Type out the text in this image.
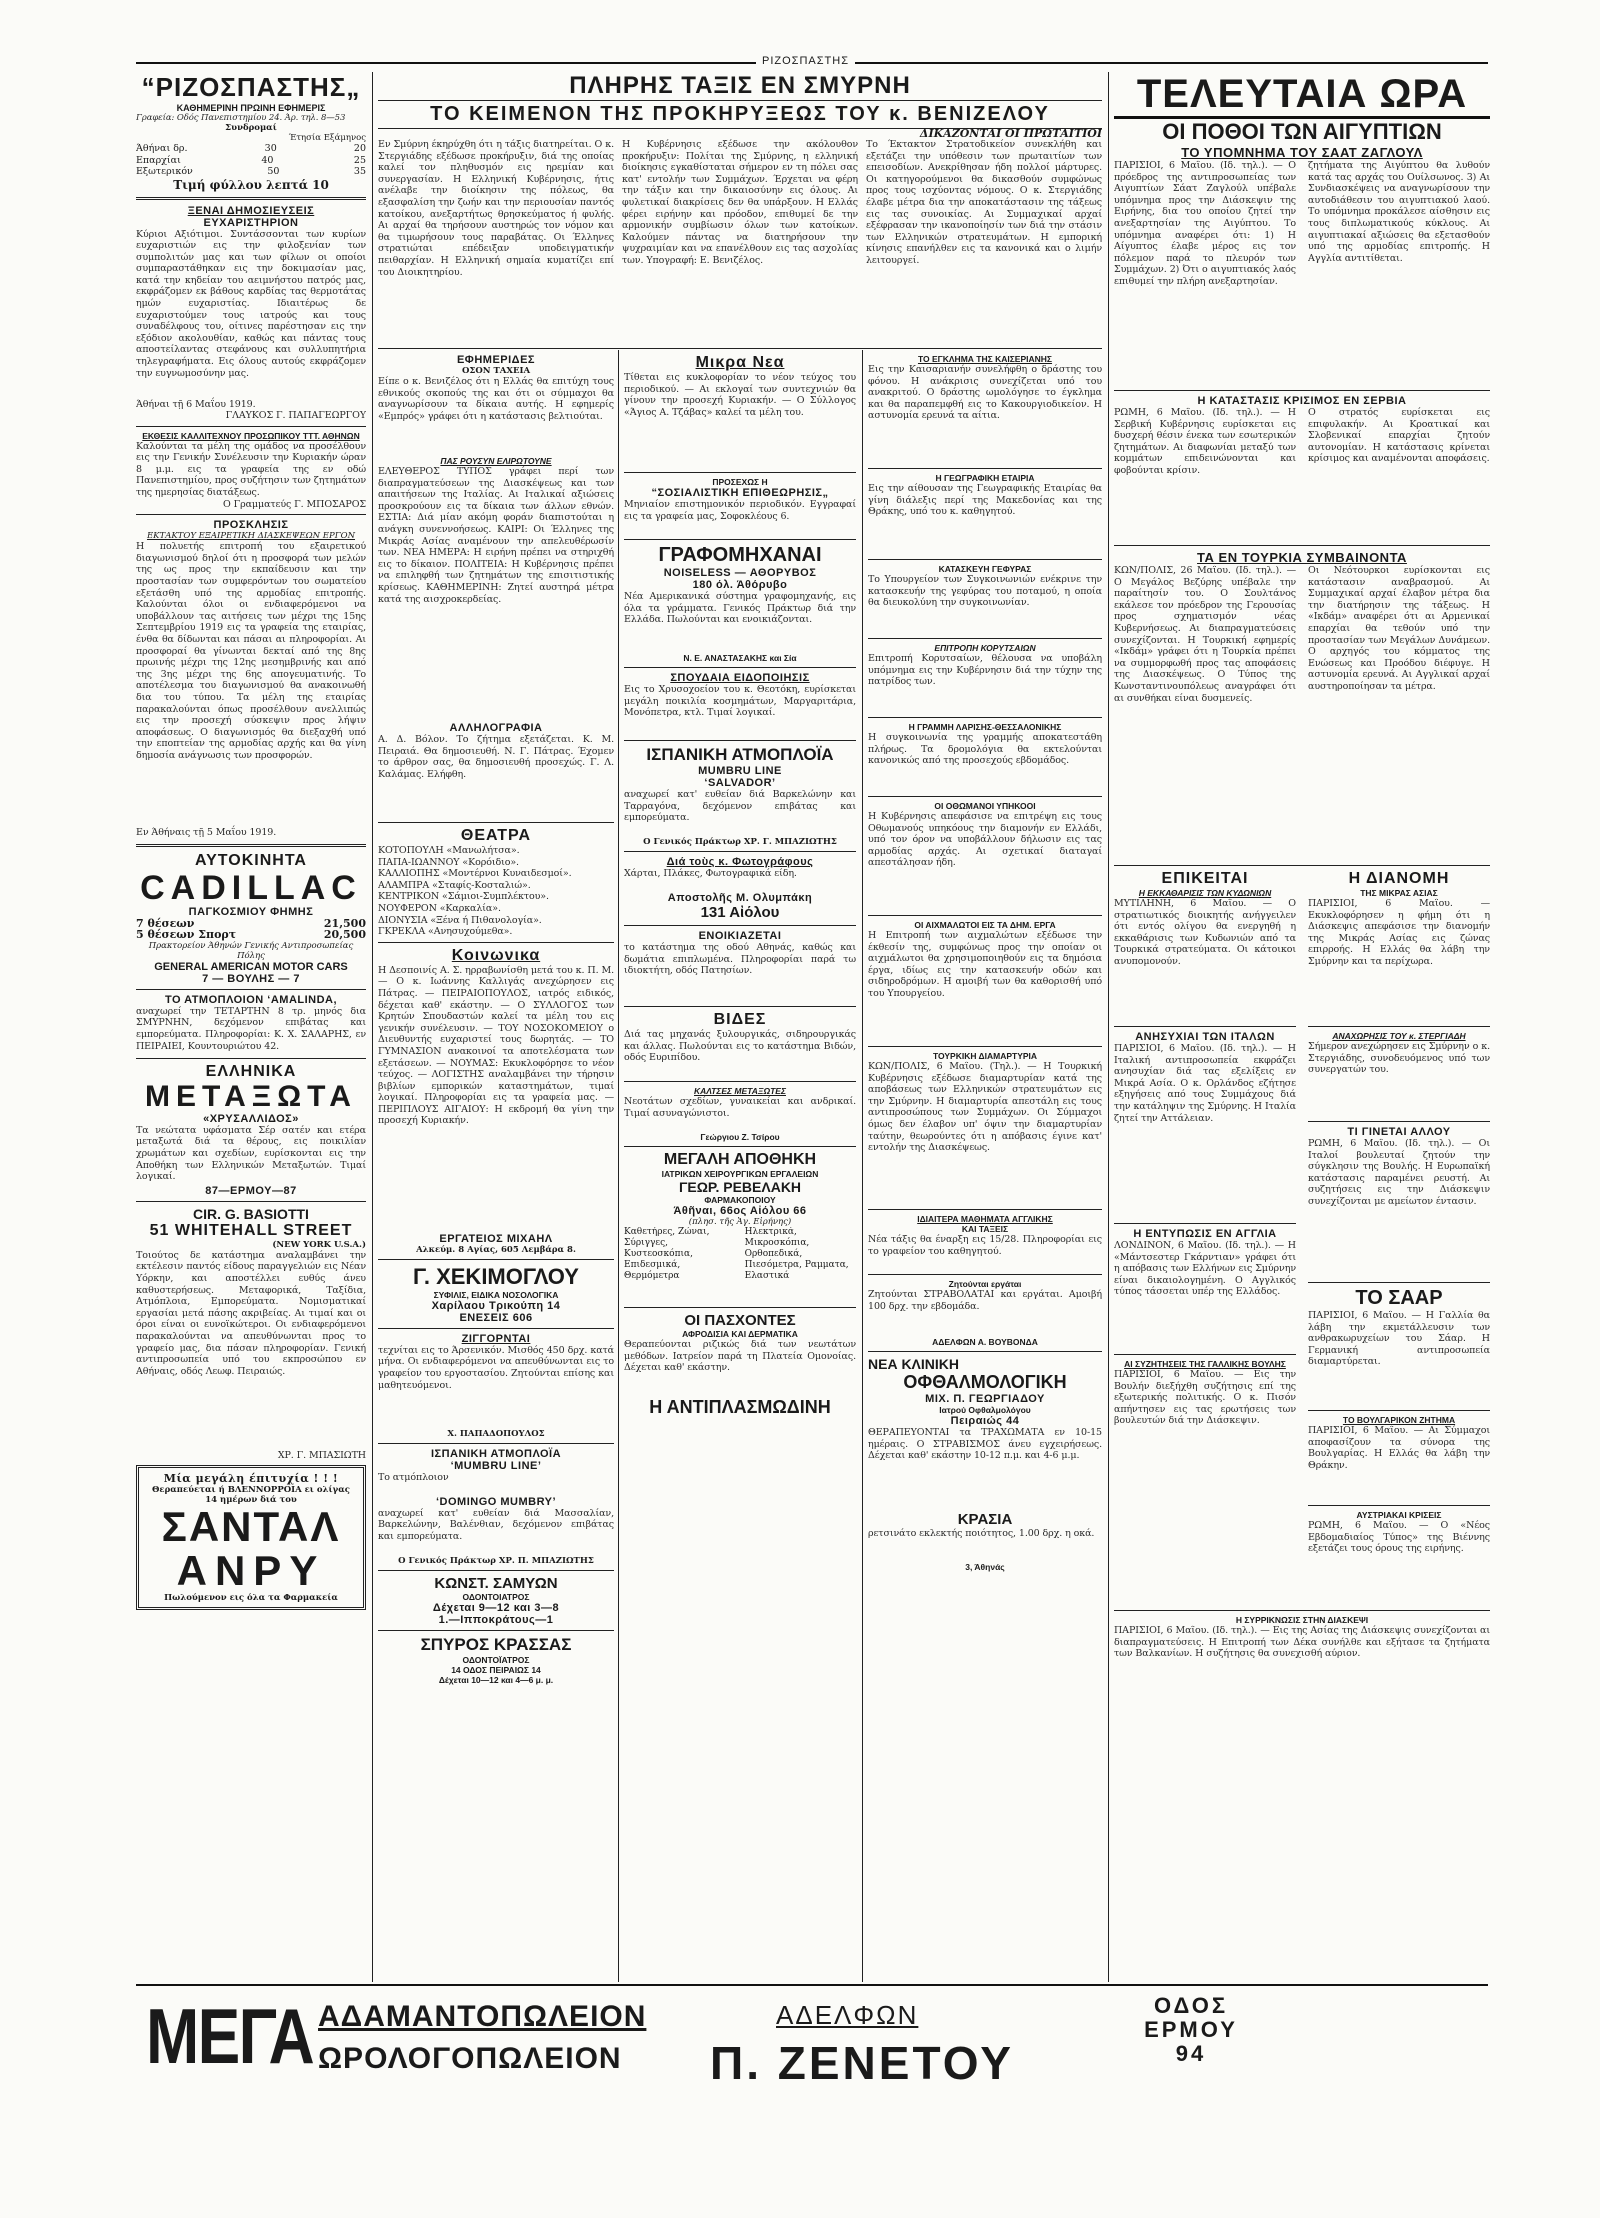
ΡΙΖΟΣΠΑΣΤΗΣ
“ΡΙΖΟΣΠΑΣΤΗΣ„
ΚΑΘΗΜΕΡΙΝΗ ΠΡΩΙΝΗ ΕΦΗΜΕΡΙΣ
Γραφεία: Οδός Πανεπιστημίου 24. Άρ. τηλ. 8—53
Συνδρομαί
Έτησία Εξάμηνος
Άθήναι δρ.	30	20
Επαρχίαι	40	25
Εξωτερικόν	50	35
Τιμή φύλλου λεπτά 10
ΞΕΝΑΙ ΔΗΜΟΣΙΕΥΣΕΙΣ
ΕΥΧΑΡΙΣΤΗΡΙΟΝ
Κύριοι Αξιότιμοι. Συντάσσονται των κυρίων ευχαριστιών εις την φιλοξενίαν των συμπολιτών μας και των φίλων οι οποίοι συμπαραστάθηκαν εις την δοκιμασίαν μας, κατά την κηδείαν του αειμνήστου πατρός μας, εκφράζομεν εκ βάθους καρδίας τας θερμοτάτας ημών ευχαριστίας. Ιδιαιτέρως δε ευχαριστούμεν τους ιατρούς και τους συναδέλφους του, οίτινες παρέστησαν εις την εξόδιον ακολουθίαν, καθώς και πάντας τους αποστείλαντας στεφάνους και συλλυπητήρια τηλεγραφήματα. Εις όλους αυτούς εκφράζομεν την ευγνωμοσύνην μας.
Άθήναι τῇ 6 Μαΐου 1919.
ΓΛΑΥΚΟΣ Γ. ΠΑΠΑΓΕΩΡΓΟΥ
ΕΚΘΕΣΙΣ ΚΑΛΛΙΤΕΧΝΟΥ ΠΡΟΣΩΠΙΚΟΥ ΤΤΤ. ΑΘΗΝΩΝ
Καλούνται τα μέλη της ομάδος να προσέλθουν εις την Γενικήν Συνέλευσιν την Κυριακήν ώραν 8 μ.μ. εις τα γραφεία της εν οδώ Πανεπιστημίου, προς συζήτησιν των ζητημάτων της ημερησίας διατάξεως.
Ο Γραμματεύς Γ. ΜΠΟΣΑΡΟΣ
ΠΡΟΣΚΛΗΣΙΣ
ΕΚΤΑΚΤΟΥ ΕΞΑΙΡΕΤΙΚΗ ΔΙΑΣΚΕΨΕΩΝ ΕΡΓΟΝ
Η πολυετής επιτροπή του εξαιρετικού διαγωνισμού δηλοί ότι η προσφορά των μελών της ως προς την εκπαίδευσιν και την προστασίαν των συμφερόντων του σωματείου εξετάσθη υπό της αρμοδίας επιτροπής. Καλούνται όλοι οι ενδιαφερόμενοι να υποβάλλουν τας αιτήσεις των μέχρι της 15ης Σεπτεμβρίου 1919 εις τα γραφεία της εταιρίας, ένθα θα δίδωνται και πάσαι αι πληροφορίαι. Αι προσφοραί θα γίνωνται δεκταί από της 8ης πρωινής μέχρι της 12ης μεσημβρινής και από της 3ης μέχρι της 6ης απογευματινής. Το αποτέλεσμα του διαγωνισμού θα ανακοινωθή δια του τύπου. Τα μέλη της εταιρίας παρακαλούνται όπως προσέλθουν ανελλιπώς εις την προσεχή σύσκεψιν προς λήψιν αποφάσεως. Ο διαγωνισμός θα διεξαχθή υπό την εποπτείαν της αρμοδίας αρχής και θα γίνη δημοσία ανάγνωσις των προσφορών.
Εν Άθήναις τῇ 5 Μαΐου 1919.
ΑΥΤΟΚΙΝΗΤΑ
CADILLAC
ΠΑΓΚΟΣΜΙΟΥ ΦΗΜΗΣ
7 θέσεων	21,500
5 θέσεων Σπορτ	20,500
Πρακτορείον Άθηνών Γενικής Αντιπροσωπείας Πόλης
GENERAL AMERICAN MOTOR CARS
7 — ΒΟΥΛΗΣ — 7
ΤΟ ΑΤΜΟΠΛΟΙΟΝ ‘AMALINDA,
αναχωρεί την ΤΕΤΑΡΤΗΝ 8 τρ. μηνός δια ΣΜΥΡΝΗΝ, δεχόμενον επιβάτας και εμπορεύματα. Πληροφορίαι: Κ. Χ. ΣΑΛΑΡΗΣ, εν ΠΕΙΡΑΙΕΙ, Κουντουριώτου 42.
ΕΛΛΗΝΙΚΑ
ΜΕΤΑΞΩΤΑ
«ΧΡΥΣΑΛΛΙΔΟΣ»
Τα νεώτατα υφάσματα Σέρ σατέν και ετέρα μεταξωτά διά τα θέρους, εις ποικιλίαν χρωμάτων και σχεδίων, ευρίσκονται εις την Αποθήκη των Ελληνικών Μεταξωτών. Τιμαί λογικαί.
87—ΕΡΜΟΥ—87
CIR. G. BASIOTTI
51 WHITEHALL STREET
(NEW YORK U.S.A.)
Τοιούτος δε κατάστημα αναλαμβάνει την εκτέλεσιν παντός είδους παραγγελιών εις Νέαν Υόρκην, και αποστέλλει ευθύς άνευ καθυστερήσεως. Μεταφορικά, Ταξίδια, Ατμόπλοια, Εμπορεύματα. Νομισματικαί εργασίαι μετά πάσης ακριβείας. Αι τιμαί και οι όροι είναι οι ευνοϊκώτεροι. Οι ενδιαφερόμενοι παρακαλούνται να απευθύνωνται προς το γραφείο μας, δια πάσαν πληροφορίαν. Γενική αντιπροσωπεία υπό του εκπροσώπου εν Αθήναις, οδός Λεωφ. Πειραιώς.
ΧΡ. Γ. ΜΠΑΣΙΩΤΗ
Μία μεγάλη έπιτυχία ! ! !
Θεραπεύεται ή ΒΛΕΝΝΟΡΡΟΙΑ ει ολίγας 14 ημέρων διά του
ΣΑΝΤΑΛ
ΑΝΡΥ
Πωλούμενον εις όλα τα Φαρμακεία
ΠΛΗΡΗΣ ΤΑΞΙΣ ΕΝ ΣΜΥΡΝΗ
ΤΟ ΚΕΙΜΕΝΟΝ ΤΗΣ ΠΡΟΚΗΡΥΞΕΩΣ ΤΟΥ κ. ΒΕΝΙΖΕΛΟΥ
ΔΙΚΑΖΟΝΤΑΙ ΟΙ ΠΡΩΤΑΙΤΙΟΙ
Εν Σμύρνη έκηρύχθη ότι η τάξις διατηρείται. Ο κ. Στεργιάδης εξέδωσε προκήρυξιν, διά της οποίας καλεί τον πληθυσμόν εις ηρεμίαν και συνεργασίαν. Η Ελληνική Κυβέρνησις, ήτις ανέλαβε την διοίκησιν της πόλεως, θα εξασφαλίση την ζωήν και την περιουσίαν παντός κατοίκου, ανεξαρτήτως θρησκεύματος ή φυλής. Αι αρχαί θα τηρήσουν αυστηρώς τον νόμον και θα τιμωρήσουν τους παραβάτας. Οι Έλληνες στρατιώται επέδειξαν υποδειγματικήν πειθαρχίαν. Η Ελληνική σημαία κυματίζει επί του Διοικητηρίου.
Η Κυβέρνησις εξέδωσε την ακόλουθον προκήρυξιν: Πολίται της Σμύρνης, η ελληνική διοίκησις εγκαθίσταται σήμερον εν τη πόλει σας κατ' εντολήν των Συμμάχων. Έρχεται να φέρη την τάξιν και την δικαιοσύνην εις όλους. Αι φυλετικαί διακρίσεις δεν θα υπάρξουν. Η Ελλάς φέρει ειρήνην και πρόοδον, επιθυμεί δε την αρμονικήν συμβίωσιν όλων των κατοίκων. Καλούμεν πάντας να διατηρήσουν την ψυχραιμίαν και να επανέλθουν εις τας ασχολίας των. Υπογραφή: Ε. Βενιζέλος.
Το Έκτακτον Στρατοδικείον συνεκλήθη και εξετάζει την υπόθεσιν των πρωταιτίων των επεισοδίων. Ανεκρίθησαν ήδη πολλοί μάρτυρες. Οι κατηγορούμενοι θα δικασθούν συμφώνως προς τους ισχύοντας νόμους. Ο κ. Στεργιάδης έλαβε μέτρα δια την αποκατάστασιν της τάξεως εις τας συνοικίας. Αι Συμμαχικαί αρχαί εξέφρασαν την ικανοποίησίν των διά την στάσιν των Ελληνικών στρατευμάτων. Η εμπορική κίνησις επανήλθεν εις τα κανονικά και ο λιμήν λειτουργεί.
ΕΦΗΜΕΡΙΔΕΣ
ΟΣΟΝ ΤΑΧΕΙΑ
Είπε ο κ. Βενιζέλος ότι η Ελλάς θα επιτύχη τους εθνικούς σκοπούς της και ότι οι σύμμαχοι θα αναγνωρίσουν τα δίκαια αυτής. Η εφημερίς «Εμπρός» γράφει ότι η κατάστασις βελτιούται.
ΠΑΣ ΡΟΥΣΥΝ ΕΛΙΡΩΤΟΥΝΕ
ΕΛΕΥΘΕΡΟΣ ΤΥΠΟΣ γράφει περί των διαπραγματεύσεων της Διασκέψεως και των απαιτήσεων της Ιταλίας. Αι Ιταλικαί αξιώσεις προσκρούουν εις τα δίκαια των άλλων εθνών. ΕΣΤΙΑ: Διά μίαν ακόμη φοράν διαπιστούται η ανάγκη συνεννοήσεως. ΚΑΙΡΙ: Οι Έλληνες της Μικράς Ασίας αναμένουν την απελευθέρωσίν των. ΝΕΑ ΗΜΕΡΑ: Η ειρήνη πρέπει να στηριχθή εις το δίκαιον. ΠΟΛΙΤΕΙΑ: Η Κυβέρνησις πρέπει να επιληφθή των ζητημάτων της επισιτιστικής κρίσεως. ΚΑΘΗΜΕΡΙΝΗ: Ζητεί αυστηρά μέτρα κατά της αισχροκερδείας.
ΑΛΛΗΛΟΓΡΑΦΙΑ
Α. Δ. Βόλον. Το ζήτημα εξετάζεται. Κ. Μ. Πειραιά. Θα δημοσιευθή. Ν. Γ. Πάτρας. Έχομεν το άρθρον σας, θα δημοσιευθή προσεχώς. Γ. Λ. Καλάμας. Ελήφθη.
ΘΕΑΤΡΑ
ΚΟΤΟΠΟΥΛΗ «Μανωλήτσα».
ΠΑΠΑ-ΙΩΑΝΝΟΥ «Κορόιδιο».
ΚΑΛΛΙΟΠΗΣ «Μοντέρνοι Κυναιδεσμοί».
ΑΛΑΜΠΡΑ «Σταφίς-Κοσταλιώ».
ΚΕΝΤΡΙΚΟΝ «Σάμιοι-Συμπλέκτου».
ΝΟΥΦΕΡΟΝ «Καρκαλία».
ΔΙΟΝΥΣΙΑ «Ξένα ή Πιθανολογία».
ΓΚΡΕΚΛΑ «Ανησυχούμεθα».
Κοινωνικα
Η Δεσποινίς Α. Σ. ηρραβωνίσθη μετά του κ. Π. Μ. — Ο κ. Ιωάννης Καλλιγάς ανεχώρησεν εις Πάτρας. — ΠΕΙΡΑΙΟΠΟΥΛΟΣ, ιατρός ειδικός, δέχεται καθ' εκάστην. — Ο ΣΥΛΛΟΓΟΣ των Κρητών Σπουδαστών καλεί τα μέλη του εις γενικήν συνέλευσιν. — ΤΟΥ ΝΟΣΟΚΟΜΕΙΟΥ ο Διευθυντής ευχαριστεί τους δωρητάς. — ΤΟ ΓΥΜΝΑΣΙΟΝ ανακοινοί τα αποτελέσματα των εξετάσεων. — ΝΟΥΜΑΣ: Εκυκλοφόρησε το νέον τεύχος. — ΛΟΓΙΣΤΗΣ αναλαμβάνει την τήρησιν βιβλίων εμπορικών καταστημάτων, τιμαί λογικαί. Πληροφορίαι εις τα γραφεία μας. — ΠΕΡΙΠΛΟΥΣ ΑΙΓΑΙΟΥ: Η εκδρομή θα γίνη την προσεχή Κυριακήν.
ΕΡΓΑΤΕΙΟΣ ΜΙΧΑΗΛ
Αλκεύμ. 8 Αγίας, 605 Λεμβάρα 8.
Γ. ΧΕΚΙΜΟΓΛΟΥ
ΣΥΦΙΛΙΣ, ΕΙΔΙΚΑ ΝΟΣΟΛΟΓΙΚΑ
Χαρίλαου Τρικούπη 14
ΕΝΕΣΕΙΣ 606
ΖΙΓΓΟΡΝΤΑΙ
τεχνίται εις το Άρσενικόν. Μισθός 450 δρχ. κατά μήνα. Οι ενδιαφερόμενοι να απευθύνωνται εις το γραφείον του εργοστασίου. Ζητούνται επίσης και μαθητευόμενοι.
Χ. ΠΑΠΑΔΟΠΟΥΛΟΣ
ΙΣΠΑΝΙΚΗ ΑΤΜΟΠΛΟΪΑ
‘MUMBRU LINE’
Το ατμόπλοιον
‘DOMINGO MUMBRY’
αναχωρεί κατ' ευθείαν διά Μασσαλίαν, Βαρκελώνην, Βαλένθιαν, δεχόμενον επιβάτας και εμπορεύματα.
Ο Γενικός Πράκτωρ ΧΡ. Π. ΜΠΑΖΙΩΤΗΣ
ΚΩΝΣΤ. ΣΑΜΥΩΝ
ΟΔΟΝΤΟΙΑΤΡΟΣ
Δέχεται 9—12 και 3—8
1.—Ιπποκράτους—1
ΣΠΥΡΟΣ ΚΡΑΣΣΑΣ
ΟΔΟΝΤΟΪΑΤΡΟΣ
14 ΟΔΟΣ ΠΕΙΡΑΙΩΣ 14
Δέχεται 10—12 και 4—6 μ. μ.
Μικρα Νεα
Τίθεται εις κυκλοφορίαν το νέον τεύχος του περιοδικού. — Αι εκλογαί των συντεχνιών θα γίνουν την προσεχή Κυριακήν. — Ο Σύλλογος «Άγιος Α. Τζάβας» καλεί τα μέλη του.
ΠΡΟΣΕΧΩΣ Η
“ΣΟΣΙΑΛΙΣΤΙΚΗ ΕΠΙΘΕΩΡΗΣΙΣ„
Μηνιαίον επιστημονικόν περιοδικόν. Εγγραφαί εις τα γραφεία μας, Σοφοκλέους 6.
ΓΡΑΦΟΜΗΧΑΝΑΙ
NOISELESS — ΑΘΟΡΥΒΟΣ
180 όλ. Άθόρυβο
Νέα Αμερικανικά σύστημα γραφομηχανής, εις όλα τα γράμματα. Γενικός Πράκτωρ διά την Ελλάδα. Πωλούνται και ενοικιάζονται.
Ν. Ε. ΑΝΑΣΤΑΣΑΚΗΣ και Σία
ΣΠΟΥΔΑΙΑ ΕΙΔΟΠΟΙΗΣΙΣ
Εις το Χρυσοχοείον του κ. Θεοτόκη, ευρίσκεται μεγάλη ποικιλία κοσμημάτων, Μαργαριτάρια, Μονόπετρα, κτλ. Τιμαί λογικαί.
ΙΣΠΑΝΙΚΗ ΑΤΜΟΠΛΟΪΑ
MUMBRU LINE
‘SALVADOR’
αναχωρεί κατ' ευθείαν διά Βαρκελώνην και Ταρραγόνα, δεχόμενον επιβάτας και εμπορεύματα.
Ο Γενικός Πράκτωρ ΧΡ. Γ. ΜΠΑΖΙΩΤΗΣ
Διά τοὺς κ. Φωτογράφους
Χάρται, Πλάκες, Φωτογραφικά είδη.
Αποστολῆς Μ. Ολυμπάκη
131 Αἰόλου
ΕΝΟΙΚΙΑΖΕΤΑΙ
το κατάστημα της οδού Αθηνάς, καθώς και δωμάτια επιπλωμένα. Πληροφορίαι παρά τω ιδιοκτήτη, οδός Πατησίων.
ΒΙΔΕΣ
Διά τας μηχανάς ξυλουργικάς, σιδηρουργικάς και άλλας. Πωλούνται εις το κατάστημα Βιδών, οδός Ευριπίδου.
ΚΑΛΤΣΕΣ ΜΕΤΑΞΩΤΕΣ
Νεοτάτων σχεδίων, γυναικείαι και ανδρικαί. Τιμαί ασυναγώνιστοι.
Γεώργιου Ζ. Τσίρου
ΜΕΓΑΛΗ ΑΠΟΘΗΚΗ
ΙΑΤΡΙΚΩΝ ΧΕΙΡΟΥΡΓΙΚΩΝ ΕΡΓΑΛΕΙΩΝ
ΓΕΩΡ. ΡΕΒΕΛΑΚΗ
ΦΑΡΜΑΚΟΠΟΙΟΥ
Άθῆναι, 66ος Αἰόλου 66
(πλησ. τῆς Ἁγ. Εἰρήνης)
Καθετήρες, Ζώναι, Σύριγγες, Κυστεοσκόπια, Επιδεσμικά, Θερμόμετρα
Ηλεκτρικά, Μικροσκόπια, Ορθοπεδικά, Πιεσόμετρα, Ραμματα, Ελαστικά
ΟΙ ΠΑΣΧΟΝΤΕΣ
ΑΦΡΟΔΙΣΙΑ ΚΑΙ ΔΕΡΜΑΤΙΚΑ
Θεραπεύονται ριζικώς διά των νεωτάτων μεθόδων. Ιατρείον παρά τη Πλατεία Ομονοίας. Δέχεται καθ' εκάστην.
Η ΑΝΤΙΠΛΑΣΜΩΔΙΝΗ
ΤΟ ΕΓΚΛΗΜΑ ΤΗΣ ΚΑΙΣΕΡΙΑΝΗΣ
Εις την Καισαριανήν συνελήφθη ο δράστης του φόνου. Η ανάκρισις συνεχίζεται υπό του ανακριτού. Ο δράστης ωμολόγησε το έγκλημα και θα παραπεμφθή εις το Κακουργιοδικείον. Η αστυνομία ερευνά τα αίτια.
Η ΓΕΩΓΡΑΦΙΚΗ ΕΤΑΙΡΙΑ
Εις την αίθουσαν της Γεωγραφικής Εταιρίας θα γίνη διάλεξις περί της Μακεδονίας και της Θράκης, υπό του κ. καθηγητού.
ΚΑΤΑΣΚΕΥΗ ΓΕΦΥΡΑΣ
Το Υπουργείον των Συγκοινωνιών ενέκρινε την κατασκευήν της γεφύρας του ποταμού, η οποία θα διευκολύνη την συγκοινωνίαν.
ΕΠΙΤΡΟΠΗ ΚΟΡΥΤΣΑΙΩΝ
Επιτροπή Κορυτσαίων, θέλουσα να υποβάλη υπόμνημα εις την Κυβέρνησιν διά την τύχην της πατρίδος των.
Η ΓΡΑΜΜΗ ΛΑΡΙΣΗΣ-ΘΕΣΣΑΛΟΝΙΚΗΣ
Η συγκοινωνία της γραμμής αποκατεστάθη πλήρως. Τα δρομολόγια θα εκτελούνται κανονικώς από της προσεχούς εβδομάδος.
ΟΙ ΟΘΩΜΑΝΟΙ ΥΠΗΚΟΟΙ
Η Κυβέρνησις απεφάσισε να επιτρέψη εις τους Οθωμανούς υπηκόους την διαμονήν εν Ελλάδι, υπό τον όρον να υποβάλλουν δήλωσιν εις τας αρμοδίας αρχάς. Αι σχετικαί διαταγαί απεστάλησαν ήδη.
ΟΙ ΑΙΧΜΑΛΩΤΟΙ ΕΙΣ ΤΑ ΔΗΜ. ΕΡΓΑ
Η Επιτροπή των αιχμαλώτων εξέδωσε την έκθεσίν της, συμφώνως προς την οποίαν οι αιχμάλωτοι θα χρησιμοποιηθούν εις τα δημόσια έργα, ιδίως εις την κατασκευήν οδών και σιδηροδρόμων. Η αμοιβή των θα καθορισθή υπό του Υπουργείου.
ΤΟΥΡΚΙΚΗ ΔΙΑΜΑΡΤΥΡΙΑ
ΚΩΝ/ΠΟΛΙΣ, 6 Μαΐου. (Τηλ.). — Η Τουρκική Κυβέρνησις εξέδωσε διαμαρτυρίαν κατά της αποβάσεως των Ελληνικών στρατευμάτων εις την Σμύρνην. Η διαμαρτυρία απεστάλη εις τους αντιπροσώπους των Συμμάχων. Οι Σύμμαχοι όμως δεν έλαβον υπ' όψιν την διαμαρτυρίαν ταύτην, θεωρούντες ότι η απόβασις έγινε κατ' εντολήν της Διασκέψεως.
ΙΔΙΑΙΤΕΡΑ ΜΑΘΗΜΑΤΑ ΑΓΓΛΙΚΗΣ
ΚΑΙ ΤΑΞΕΙΣ
Νέα τάξις θα έναρξη εις 15/28. Πληροφορίαι εις το γραφείον του καθηγητού.
Ζητούνται εργάται
Ζητούνται ΣΤΡΑΒΟΛΑΤΑΙ και εργάται. Αμοιβή 100 δρχ. την εβδομάδα.
ΑΔΕΛΦΩΝ Α. ΒΟΥΒΟΝΔΑ
ΝΕΑ ΚΛΙΝΙΚΗ
ΟΦΘΑΛΜΟΛΟΓΙΚΗ
ΜΙΧ. Π. ΓΕΩΡΓΙΑΔΟΥ
Ιατρού Οφθαλμολόγου
Πειραιώς 44
ΘΕΡΑΠΕΥΟΝΤΑΙ τα ΤΡΑΧΩΜΑΤΑ εν 10-15 ημέραις. Ο ΣΤΡΑΒΙΣΜΟΣ άνευ εγχειρήσεως. Δέχεται καθ' εκάστην 10-12 π.μ. και 4-6 μ.μ.
ΚΡΑΣΙΑ
ρετσινάτο εκλεκτής ποιότητος, 1.00 δρχ. η οκά.
3, Άθηνάς
ΤΕΛΕΥΤΑΙΑ ΩΡΑ
ΟΙ ΠΟΘΟΙ ΤΩΝ ΑΙΓΥΠΤΙΩΝ
ΤΟ ΥΠΟΜΝΗΜΑ ΤΟΥ ΣΑΑΤ ΖΑΓΛΟΥΛ
ΠΑΡΙΣΙΟΙ, 6 Μαΐου. (Ιδ. τηλ.). — Ο πρόεδρος της αντιπροσωπείας των Αιγυπτίων Σάατ Ζαγλούλ υπέβαλε υπόμνημα προς την Διάσκεψιν της Ειρήνης, δια του οποίου ζητεί την ανεξαρτησίαν της Αιγύπτου. Το υπόμνημα αναφέρει ότι: 1) Η Αίγυπτος έλαβε μέρος εις τον πόλεμον παρά το πλευρόν των Συμμάχων. 2) Ότι ο αιγυπτιακός λαός επιθυμεί την πλήρη ανεξαρτησίαν.
ζητήματα της Αιγύπτου θα λυθούν κατά τας αρχάς του Ουίλσωνος. 3) Αι Συνδιασκέψεις να αναγνωρίσουν την αυτοδιάθεσιν του αιγυπτιακού λαού. Το υπόμνημα προκάλεσε αίσθησιν εις τους διπλωματικούς κύκλους. Αι αιγυπτιακαί αξιώσεις θα εξετασθούν υπό της αρμοδίας επιτροπής. Η Αγγλία αντιτίθεται.
Η ΚΑΤΑΣΤΑΣΙΣ ΚΡΙΣΙΜΟΣ ΕΝ ΣΕΡΒΙΑ
ΡΩΜΗ, 6 Μαΐου. (Ιδ. τηλ.). — Η Σερβική Κυβέρνησις ευρίσκεται εις δυσχερή θέσιν ένεκα των εσωτερικών ζητημάτων. Αι διαφωνίαι μεταξύ των κομμάτων επιδεινώνονται και φοβούνται κρίσιν.
Ο στρατός ευρίσκεται εις επιφυλακήν. Αι Κροατικαί και Σλοβενικαί επαρχίαι ζητούν αυτονομίαν. Η κατάστασις κρίνεται κρίσιμος και αναμένονται αποφάσεις.
ΤΑ ΕΝ ΤΟΥΡΚΙΑ ΣΥΜΒΑΙΝΟΝΤΑ
ΚΩΝ/ΠΟΛΙΣ, 26 Μαΐου. (Ιδ. τηλ.). — Ο Μεγάλος Βεζύρης υπέβαλε την παραίτησίν του. Ο Σουλτάνος εκάλεσε τον πρόεδρον της Γερουσίας προς σχηματισμόν νέας Κυβερνήσεως. Αι διαπραγματεύσεις συνεχίζονται. Η Τουρκική εφημερίς «Ικδάμ» γράφει ότι η Τουρκία πρέπει να συμμορφωθή προς τας αποφάσεις της Διασκέψεως. Ο Τύπος της Κωνσταντινουπόλεως αναγράφει ότι αι συνθήκαι είναι δυσμενείς.
Οι Νεότουρκοι ευρίσκονται εις κατάστασιν αναβρασμού. Αι Συμμαχικαί αρχαί έλαβον μέτρα δια την διατήρησιν της τάξεως. Η «Ικδάμ» αναφέρει ότι αι Αρμενικαί επαρχίαι θα τεθούν υπό την προστασίαν των Μεγάλων Δυνάμεων. Ο αρχηγός του κόμματος της Ενώσεως και Προόδου διέφυγε. Η αστυνομία ερευνά. Αι Αγγλικαί αρχαί αυστηροποίησαν τα μέτρα.
ΕΠΙΚΕΙΤΑΙ
Η ΕΚΚΑΘΑΡΙΣΙΣ ΤΩΝ ΚΥΔΩΝΙΩΝ
ΜΥΤΙΛΗΝΗ, 6 Μαΐου. — Ο στρατιωτικός διοικητής ανήγγειλεν ότι εντός ολίγου θα ενεργηθή η εκκαθάρισις των Κυδωνιών από τα Τουρκικά στρατεύματα. Οι κάτοικοι ανυπομονούν.
ΑΝΗΣΥΧΙΑΙ ΤΩΝ ΙΤΑΛΩΝ
ΠΑΡΙΣΙΟΙ, 6 Μαΐου. (Ιδ. τηλ.). — Η Ιταλική αντιπροσωπεία εκφράζει ανησυχίαν διά τας εξελίξεις εν Μικρά Ασία. Ο κ. Ορλάνδος εζήτησε εξηγήσεις από τους Συμμάχους διά την κατάληψιν της Σμύρνης. Η Ιταλία ζητεί την Αττάλειαν.
Η ΕΝΤΥΠΩΣΙΣ ΕΝ ΑΓΓΛΙΑ
ΛΟΝΔΙΝΟΝ, 6 Μαΐου. (Ιδ. τηλ.). — Η «Μάντσεστερ Γκάρντιαν» γράφει ότι η απόβασις των Ελλήνων εις Σμύρνην είναι δικαιολογημένη. Ο Αγγλικός τύπος τάσσεται υπέρ της Ελλάδος.
ΑΙ ΣΥΖΗΤΗΣΕΙΣ ΤΗΣ ΓΑΛΛΙΚΗΣ ΒΟΥΛΗΣ
ΠΑΡΙΣΙΟΙ, 6 Μαΐου. — Εις την Βουλήν διεξήχθη συζήτησις επί της εξωτερικής πολιτικής. Ο κ. Πισόν απήντησεν εις τας ερωτήσεις των βουλευτών διά την Διάσκεψιν.
Η ΔΙΑΝΟΜΗ
ΤΗΣ ΜΙΚΡΑΣ ΑΣΙΑΣ
ΠΑΡΙΣΙΟΙ, 6 Μαΐου. — Εκυκλοφόρησεν η φήμη ότι η Διάσκεψις απεφάσισε την διανομήν της Μικράς Ασίας εις ζώνας επιρροής. Η Ελλάς θα λάβη την Σμύρνην και τα περίχωρα.
ΑΝΑΧΩΡΗΣΙΣ ΤΟΥ κ. ΣΤΕΡΓΙΑΔΗ
Σήμερον ανεχώρησεν εις Σμύρνην ο κ. Στεργιάδης, συνοδευόμενος υπό των συνεργατών του.
ΤΙ ΓΙΝΕΤΑΙ ΑΛΛΟΥ
ΡΩΜΗ, 6 Μαΐου. (Ιδ. τηλ.). — Οι Ιταλοί βουλευταί ζητούν την σύγκλησιν της Βουλής. Η Ευρωπαϊκή κατάστασις παραμένει ρευστή. Αι συζητήσεις εις την Διάσκεψιν συνεχίζονται με αμείωτον έντασιν.
ΤΟ ΣΑΑΡ
ΠΑΡΙΣΙΟΙ, 6 Μαΐου. — Η Γαλλία θα λάβη την εκμετάλλευσιν των ανθρακωρυχείων του Σάαρ. Η Γερμανική αντιπροσωπεία διαμαρτύρεται.
ΤΟ ΒΟΥΛΓΑΡΙΚΟΝ ΖΗΤΗΜΑ
ΠΑΡΙΣΙΟΙ, 6 Μαΐου. — Αι Σύμμαχοι αποφασίζουν τα σύνορα της Βουλγαρίας. Η Ελλάς θα λάβη την Θράκην.
ΑΥΣΤΡΙΑΚΑΙ ΚΡΙΣΕΙΣ
ΡΩΜΗ, 6 Μαΐου. — Ο «Νέος Εβδομαδιαίος Τύπος» της Βιέννης εξετάζει τους όρους της ειρήνης.
Η ΣΥΡΡΙΚΝΩΣΙΣ ΣΤΗΝ ΔΙΑΣΚΕΨΙ
ΠΑΡΙΣΙΟΙ, 6 Μαΐου. (Ιδ. τηλ.). — Εις της Ασίας της Διάσκεψις συνεχίζονται αι διαπραγματεύσεις. Η Επιτροπή των Δέκα συνήλθε και εξήτασε τα ζητήματα των Βαλκανίων. Η συζήτησις θα συνεχισθή αύριον.
ΜΕΓΑ ΑΔΑΜΑΝΤΟΠΩΛΕΙΟΝ
ΩΡΟΛΟΓΟΠΩΛΕΙΟΝ
ΑΔΕΛΦΩΝ
Π. ΖΕΝΕΤΟΥ
ΟΔΟΣ
ΕΡΜΟΥ
94
